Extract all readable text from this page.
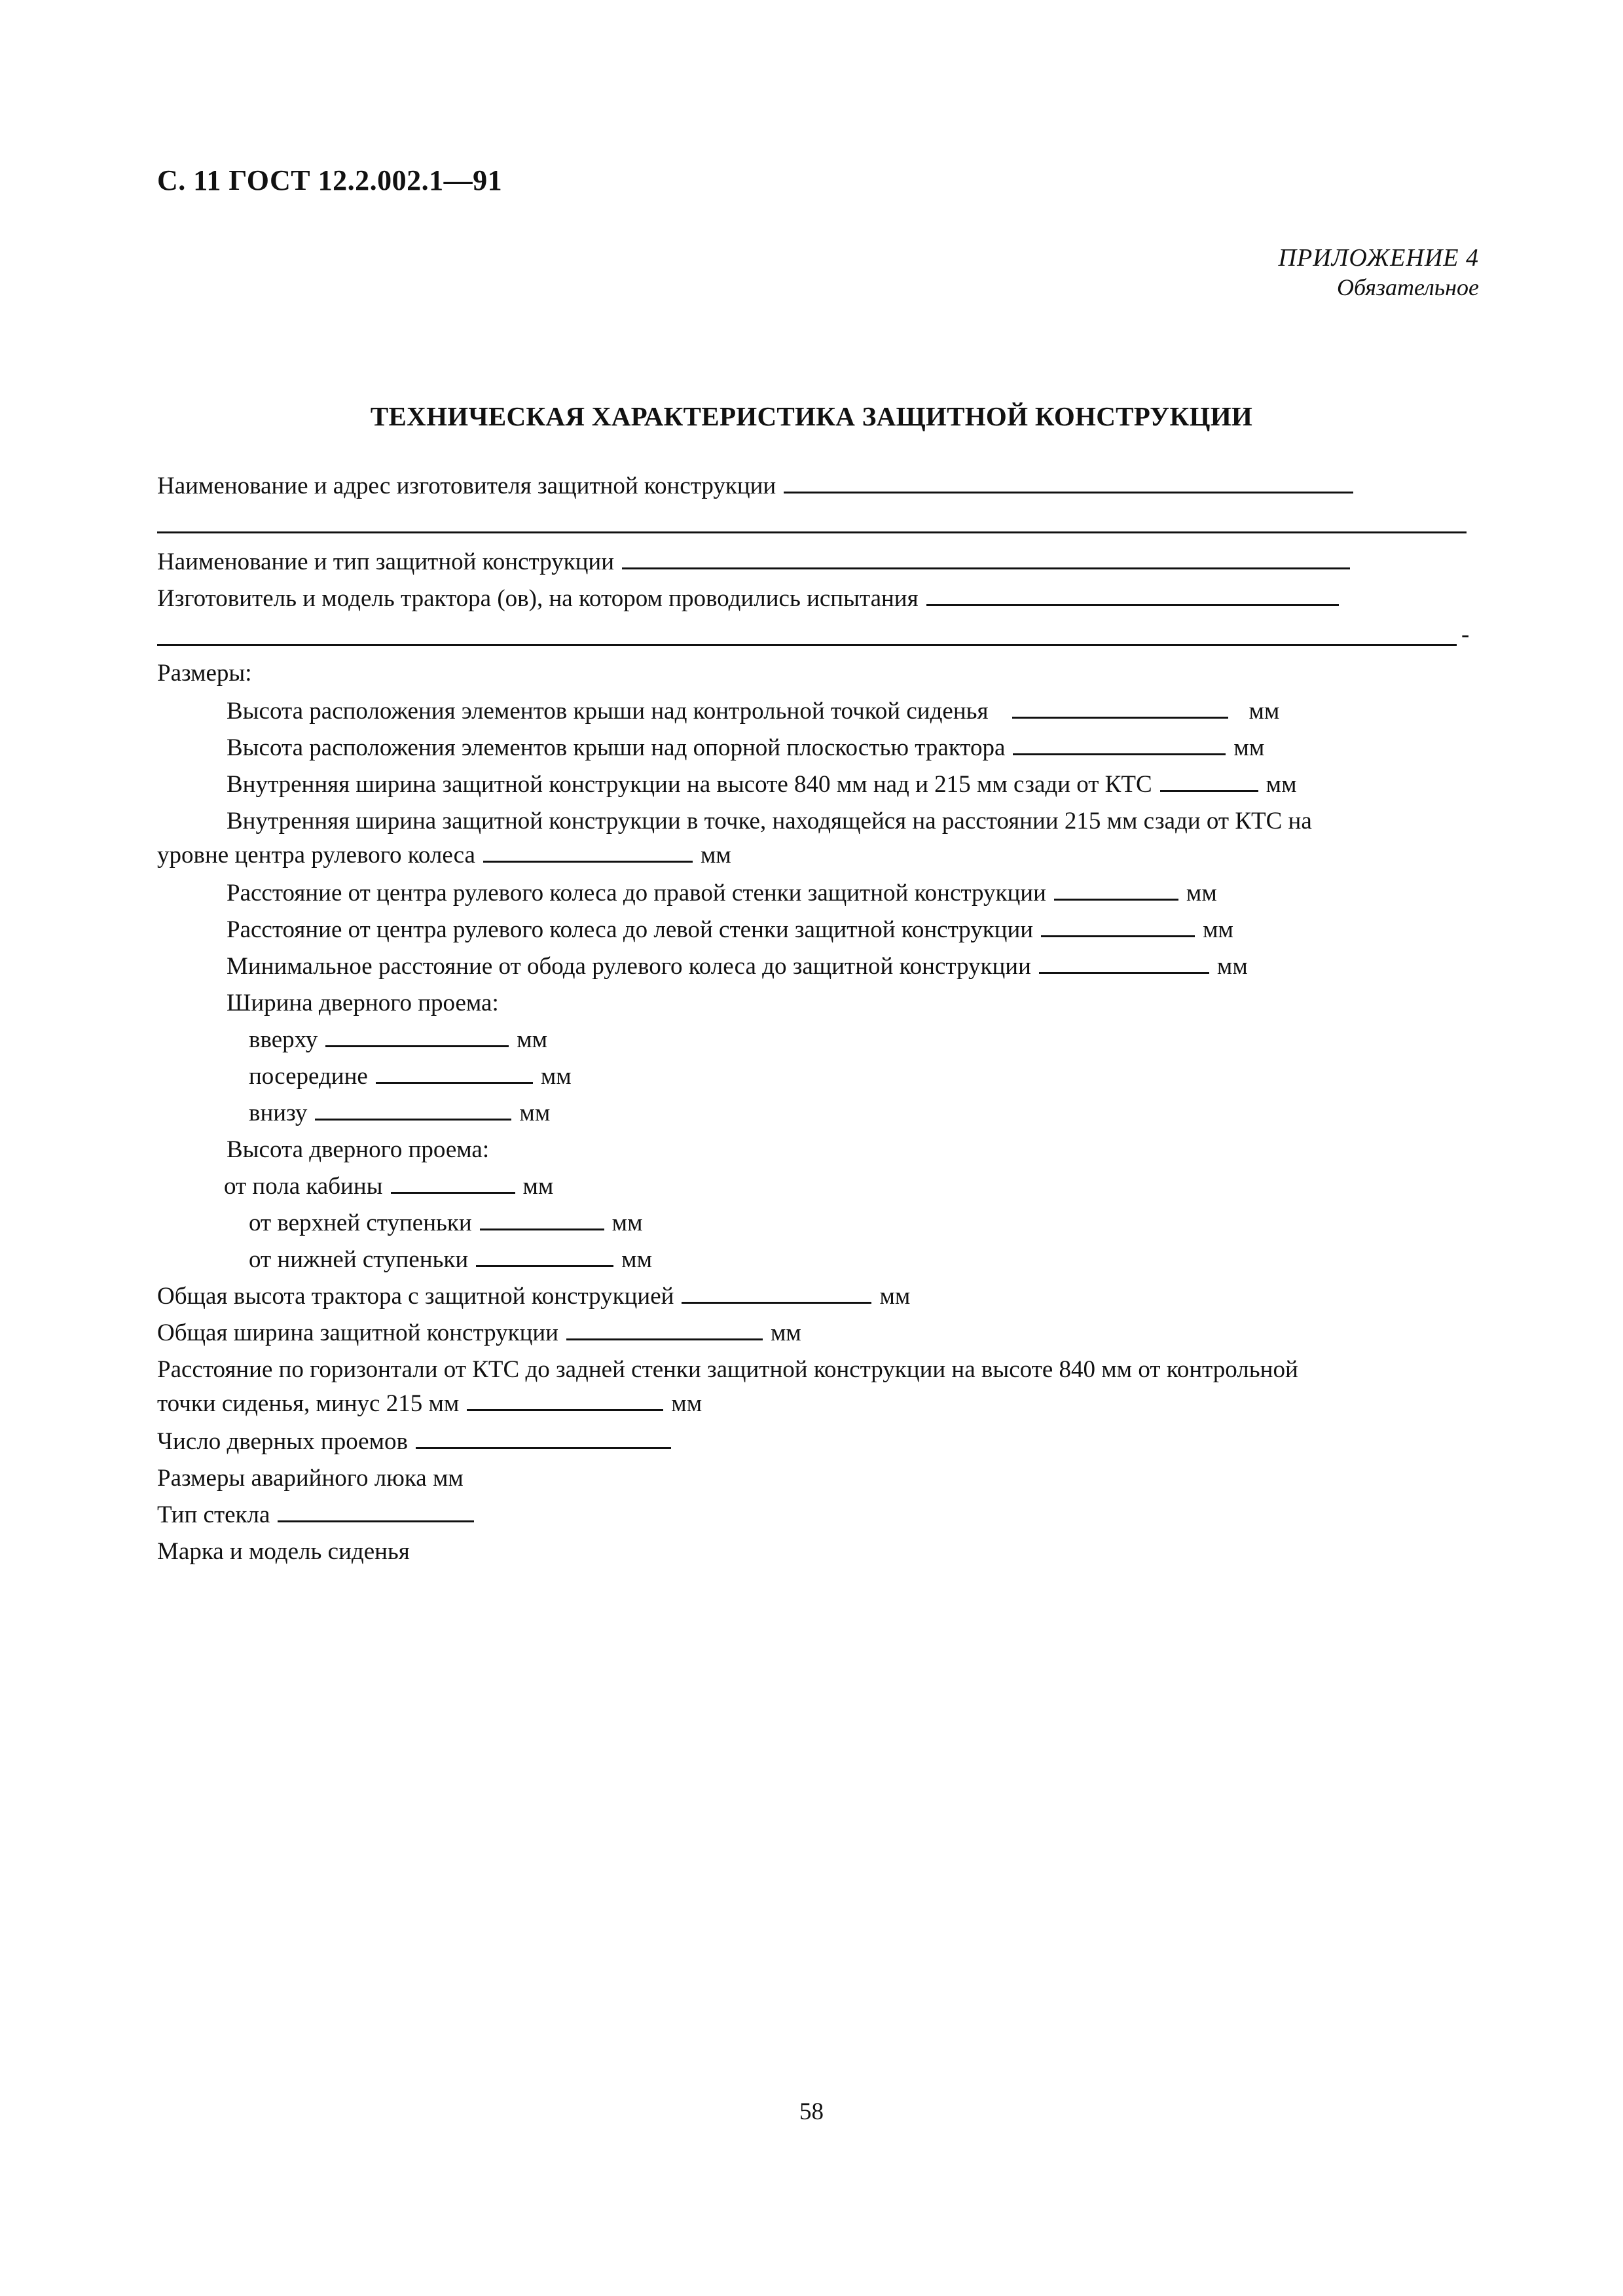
С. 11 ГОСТ 12.2.002.1—91
ПРИЛОЖЕНИЕ 4
Обязательное
ТЕХНИЧЕСКАЯ ХАРАКТЕРИСТИКА ЗАЩИТНОЙ КОНСТРУКЦИИ
Наименование и адрес изготовителя защитной конструкции
Наименование и тип защитной конструкции
Изготовитель и модель трактора (ов), на котором проводились испытания
-
Размеры:
Высота расположения элементов крыши над контрольной точкой сиденья	мм
Высота расположения элементов крыши над опорной плоскостью трактора	мм
Внутренняя ширина защитной конструкции на высоте 840 мм над и 215 мм сзади от КТС	мм
Внутренняя ширина защитной конструкции в точке, находящейся на расстоянии 215 мм сзади от КТС на
уровне центра рулевого колеса	мм
Расстояние от центра рулевого колеса до правой стенки защитной конструкции	мм
Расстояние от центра рулевого колеса до левой стенки защитной конструкции	мм
Минимальное расстояние от обода рулевого колеса до защитной конструкции	мм
Ширина дверного проема:
вверху	мм
посередине	мм
внизу	мм
Высота дверного проема:
от пола кабины	мм
от верхней ступеньки	мм
от нижней ступеньки	мм
Общая высота трактора с защитной конструкцией	мм
Общая ширина защитной конструкции	мм
Расстояние по горизонтали от КТС до задней стенки защитной конструкции на высоте 840 мм от контрольной
точки сиденья, минус 215 мм	мм
Число дверных проемов
Размеры аварийного люка мм
Тип стекла
Марка и модель сиденья
58
